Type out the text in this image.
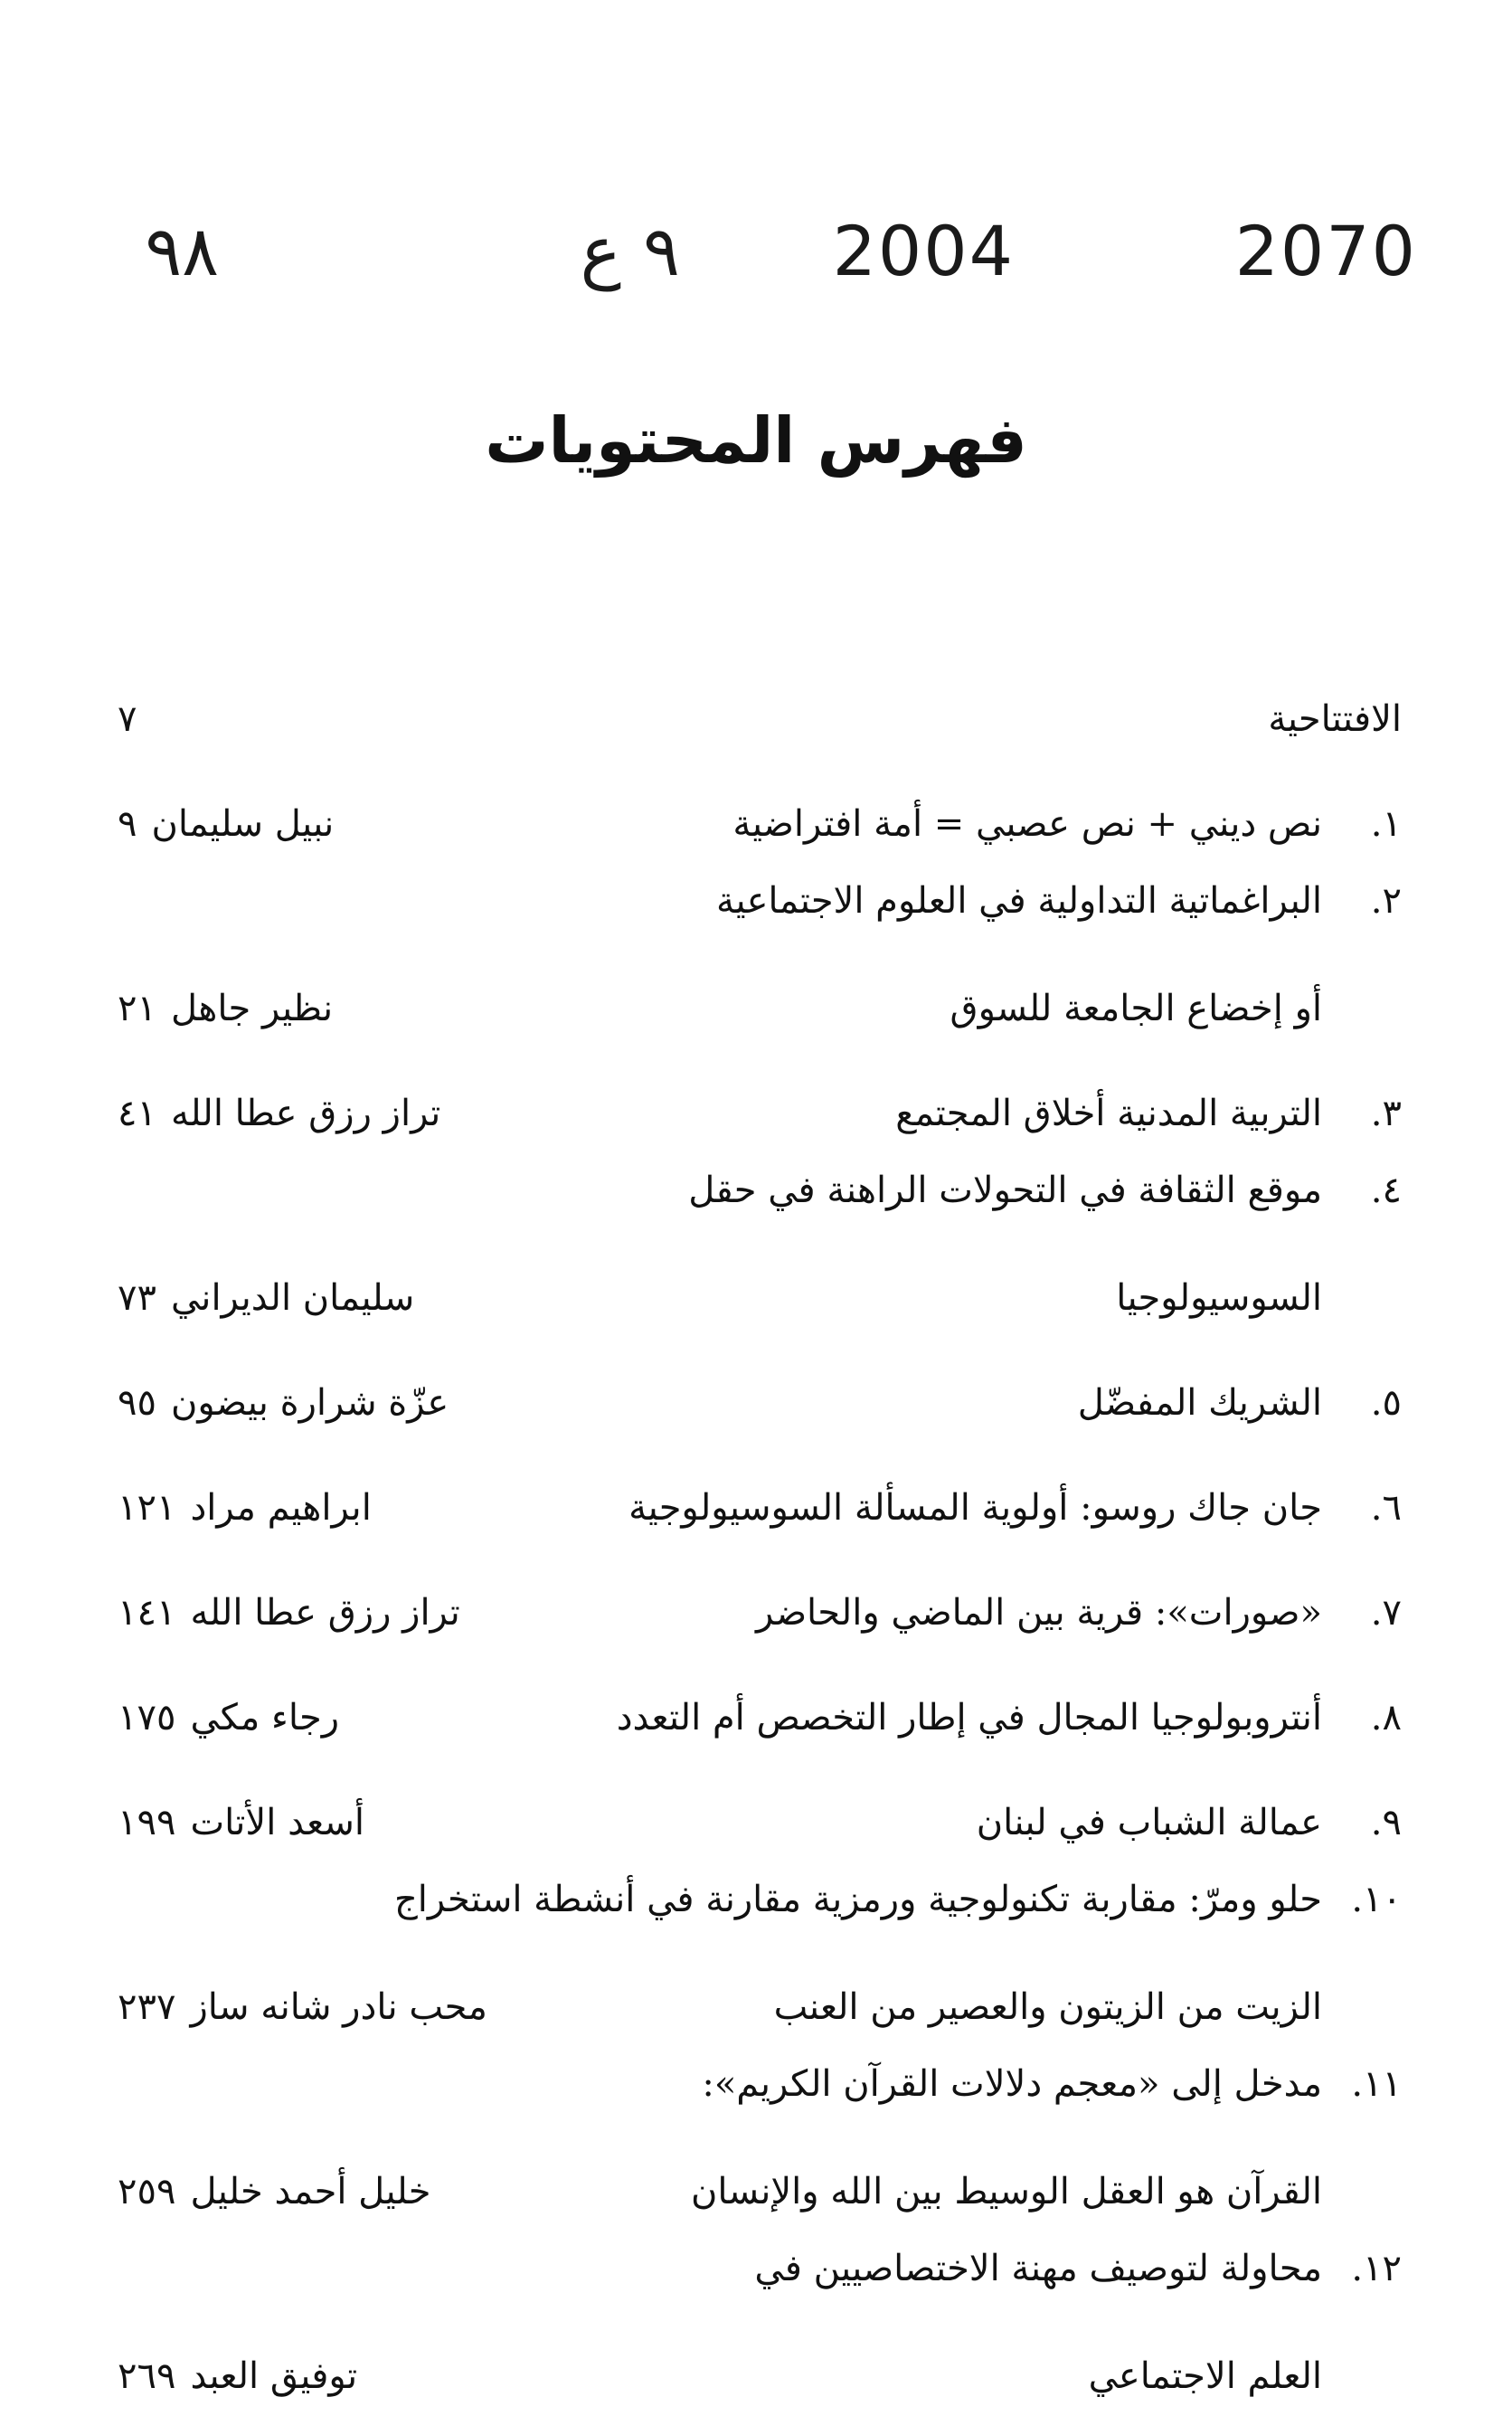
٩٨	٩ ع 2004	2070
فهرس المحتويات
الافتتاحية
٧
١.
نص ديني + نص عصبي = أمة افتراضية
نبيل سليمان
٩
٢.
البراغماتية التداولية في العلوم الاجتماعية
أو إخضاع الجامعة للسوق
نظير جاهل
٢١
٣.
التربية المدنية أخلاق المجتمع
تراز رزق عطا الله
٤١
٤.
موقع الثقافة في التحولات الراهنة في حقل
السوسيولوجيا
سليمان الديراني
٧٣
٥.
الشريك المفضّل
عزّة شرارة بيضون
٩٥
٦.
جان جاك روسو: أولوية المسألة السوسيولوجية
ابراهيم مراد
١٢١
٧.
«صورات»: قرية بين الماضي والحاضر
تراز رزق عطا الله
١٤١
٨.
أنتروبولوجيا المجال في إطار التخصص أم التعدد
رجاء مكي
١٧٥
٩.
عمالة الشباب في لبنان
أسعد الأتات
١٩٩
١٠.
حلو ومرّ: مقاربة تكنولوجية ورمزية مقارنة في أنشطة استخراج
الزيت من الزيتون والعصير من العنب
محب نادر شانه ساز
٢٣٧
١١.
مدخل إلى «معجم دلالات القرآن الكريم»:
القرآن هو العقل الوسيط بين الله والإنسان
خليل أحمد خليل
٢٥٩
١٢.
محاولة لتوصيف مهنة الاختصاصيين في
العلم الاجتماعي
توفيق العبد
٢٦٩
